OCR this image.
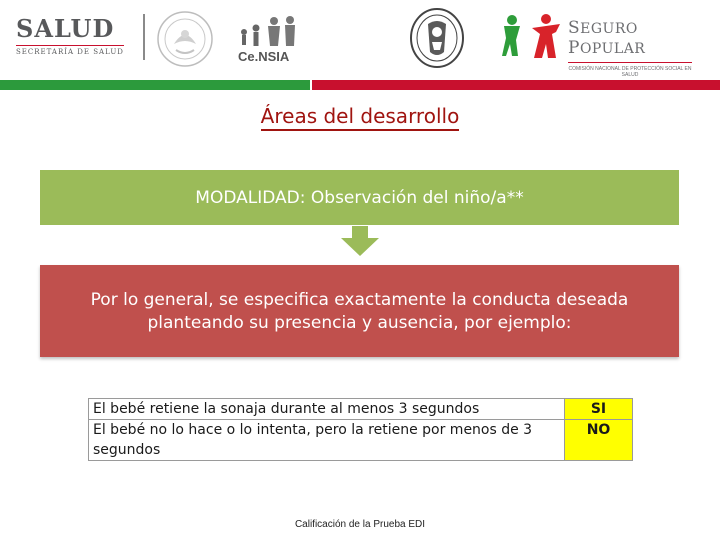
SALUD
SECRETARÍA DE SALUD	Ce.NSIA
SEGURO POPULAR
COMISIÓN NACIONAL DE PROTECCIÓN SOCIAL EN SALUD
Áreas del desarrollo
MODALIDAD: Observación del niño/a**
Por lo general, se especifica exactamente la conducta deseada planteando su presencia y ausencia, por ejemplo:
El bebé retiene la sonaja durante al menos 3 segundos	SI
El bebé no lo hace o lo intenta, pero la retiene por menos de 3 segundos	NO
Calificación de la Prueba EDI
